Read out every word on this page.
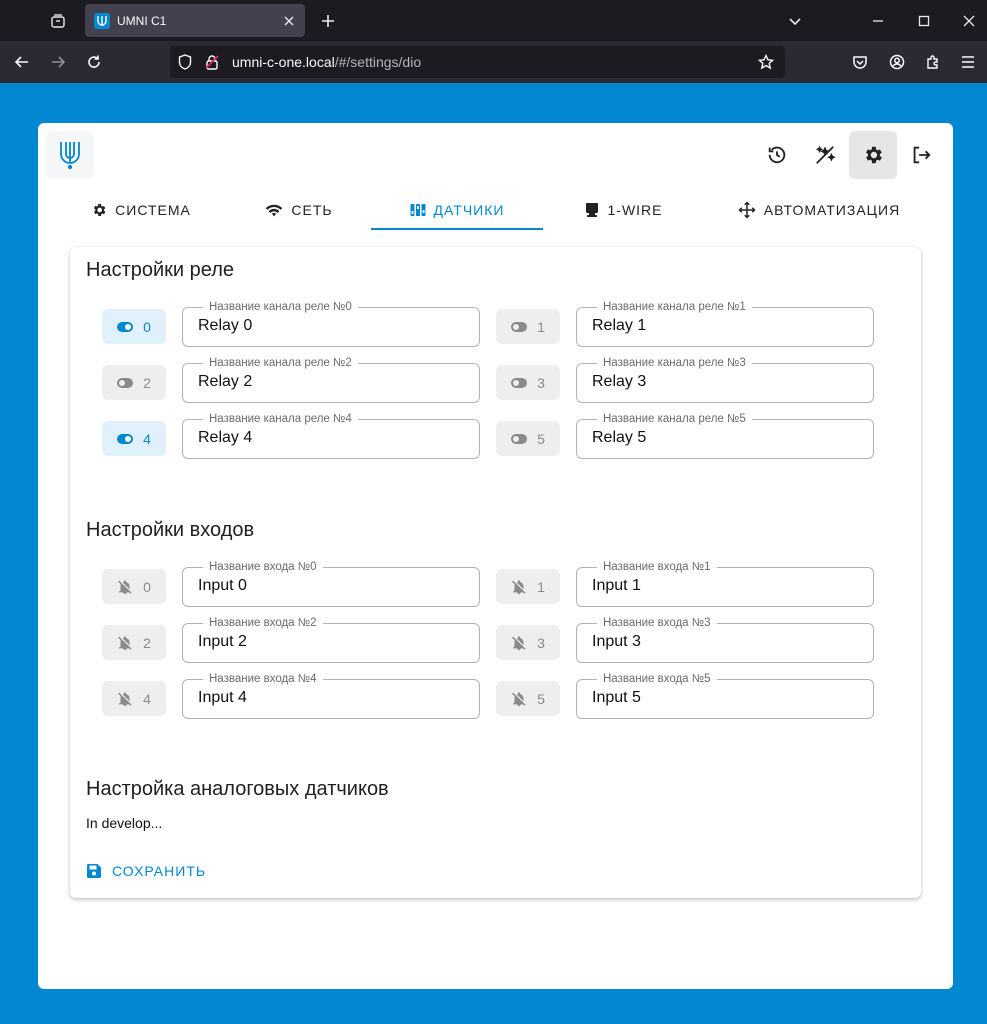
UMNI C1
umni-c-one.local/#/settings/dio
СИСТЕМА	СЕТЬ	ДАТЧИКИ	1-WIRE	АВТОМАТИЗАЦИЯ
Настройки реле
0
Название канала реле №0
Relay 0
1
Название канала реле №1
Relay 1
2
Название канала реле №2
Relay 2
3
Название канала реле №3
Relay 3
4
Название канала реле №4
Relay 4
5
Название канала реле №5
Relay 5
Настройки входов
0
Название входа №0
Input 0
1
Название входа №1
Input 1
2
Название входа №2
Input 2
3
Название входа №3
Input 3
4
Название входа №4
Input 4
5
Название входа №5
Input 5
Настройка аналоговых датчиков
In develop...
СОХРАНИТЬ
